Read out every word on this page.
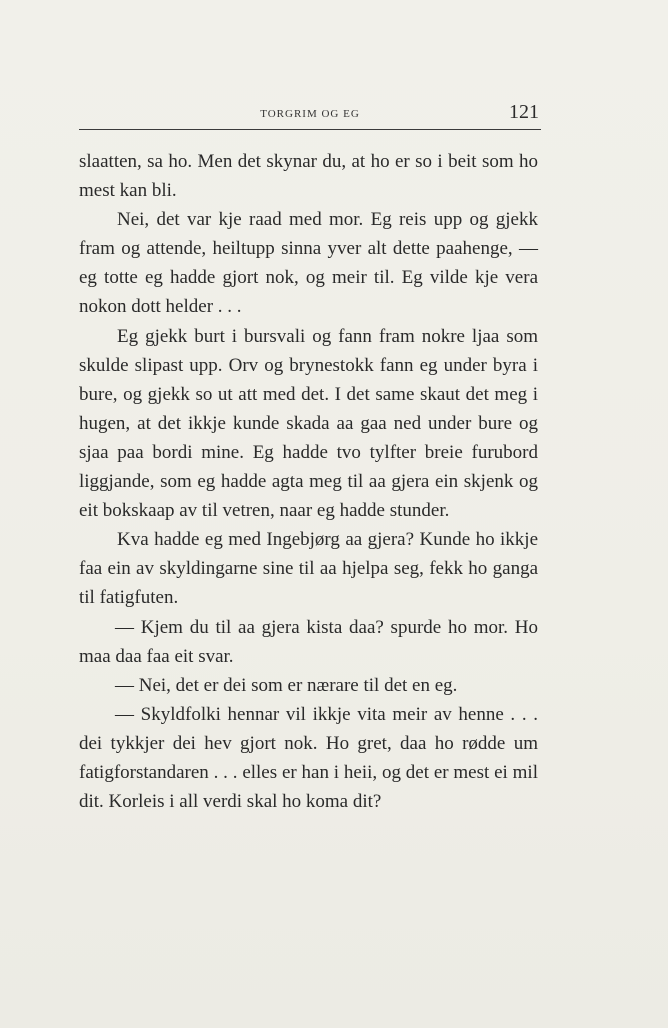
TORGRIM OG EG	121

slaatten, sa ho. Men det skynar du, at ho er so i beit som ho mest kan bli.

Nei, det var kje raad med mor. Eg reis upp og gjekk fram og attende, heiltupp sinna yver alt dette paahenge, — eg totte eg hadde gjort nok, og meir til. Eg vilde kje vera nokon dott helder . . .

Eg gjekk burt i bursvali og fann fram nokre ljaa som skulde slipast upp. Orv og brynestokk fann eg under byra i bure, og gjekk so ut att med det. I det same skaut det meg i hugen, at det ikkje kunde skada aa gaa ned under bure og sjaa paa bordi mine. Eg hadde tvo tylfter breie furubord liggjande, som eg hadde agta meg til aa gjera ein skjenk og eit bokskaap av til vetren, naar eg hadde stunder.

Kva hadde eg med Ingebjørg aa gjera? Kunde ho ikkje faa ein av skyldingarne sine til aa hjelpa seg, fekk ho ganga til fatigfuten.

— Kjem du til aa gjera kista daa? spurde ho mor. Ho maa daa faa eit svar.

— Nei, det er dei som er nærare til det en eg.

— Skyldfolki hennar vil ikkje vita meir av henne . . . dei tykkjer dei hev gjort nok. Ho gret, daa ho rødde um fatigforstandaren . . . elles er han i heii, og det er mest ei mil dit. Korleis i all verdi skal ho koma dit?
